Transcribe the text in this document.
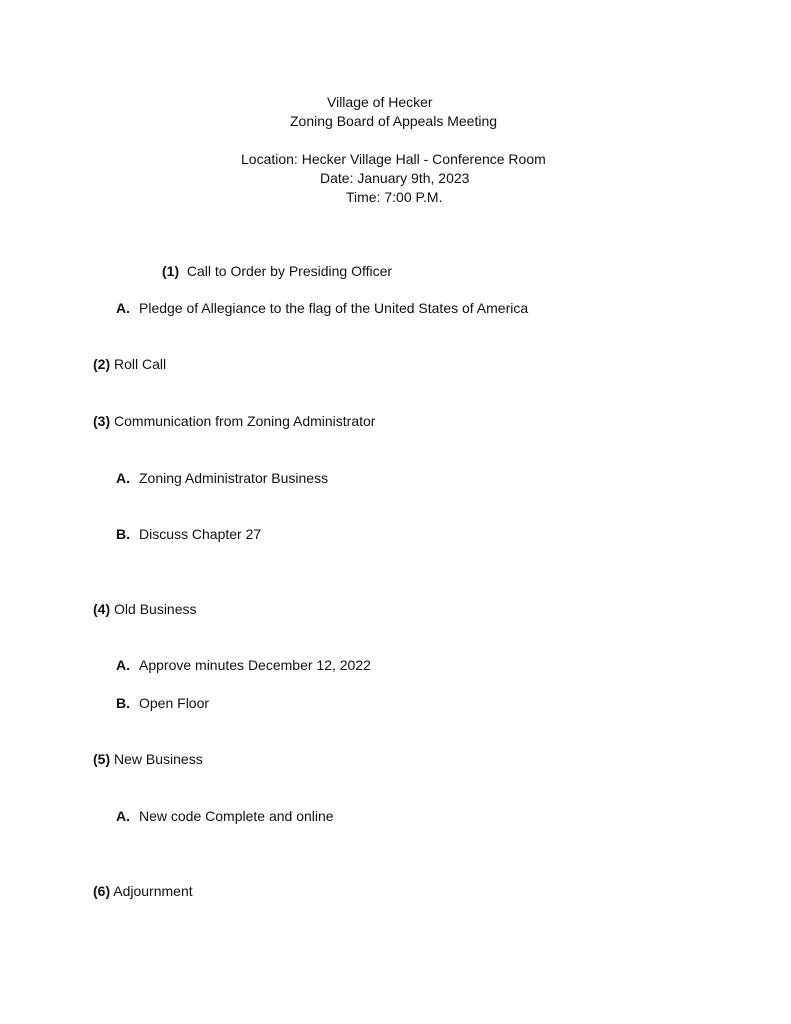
Village of Hecker
Zoning Board of Appeals Meeting
Location: Hecker Village Hall - Conference Room
Date: January 9th, 2023
Time: 7:00 P.M.
(1) Call to Order by Presiding Officer
A. Pledge of Allegiance to the flag of the United States of America
(2) Roll Call
(3) Communication from Zoning Administrator
A. Zoning Administrator Business
B. Discuss Chapter 27
(4) Old Business
A. Approve minutes December 12, 2022
B. Open Floor
(5) New Business
A. New code Complete and online
(6) Adjournment
